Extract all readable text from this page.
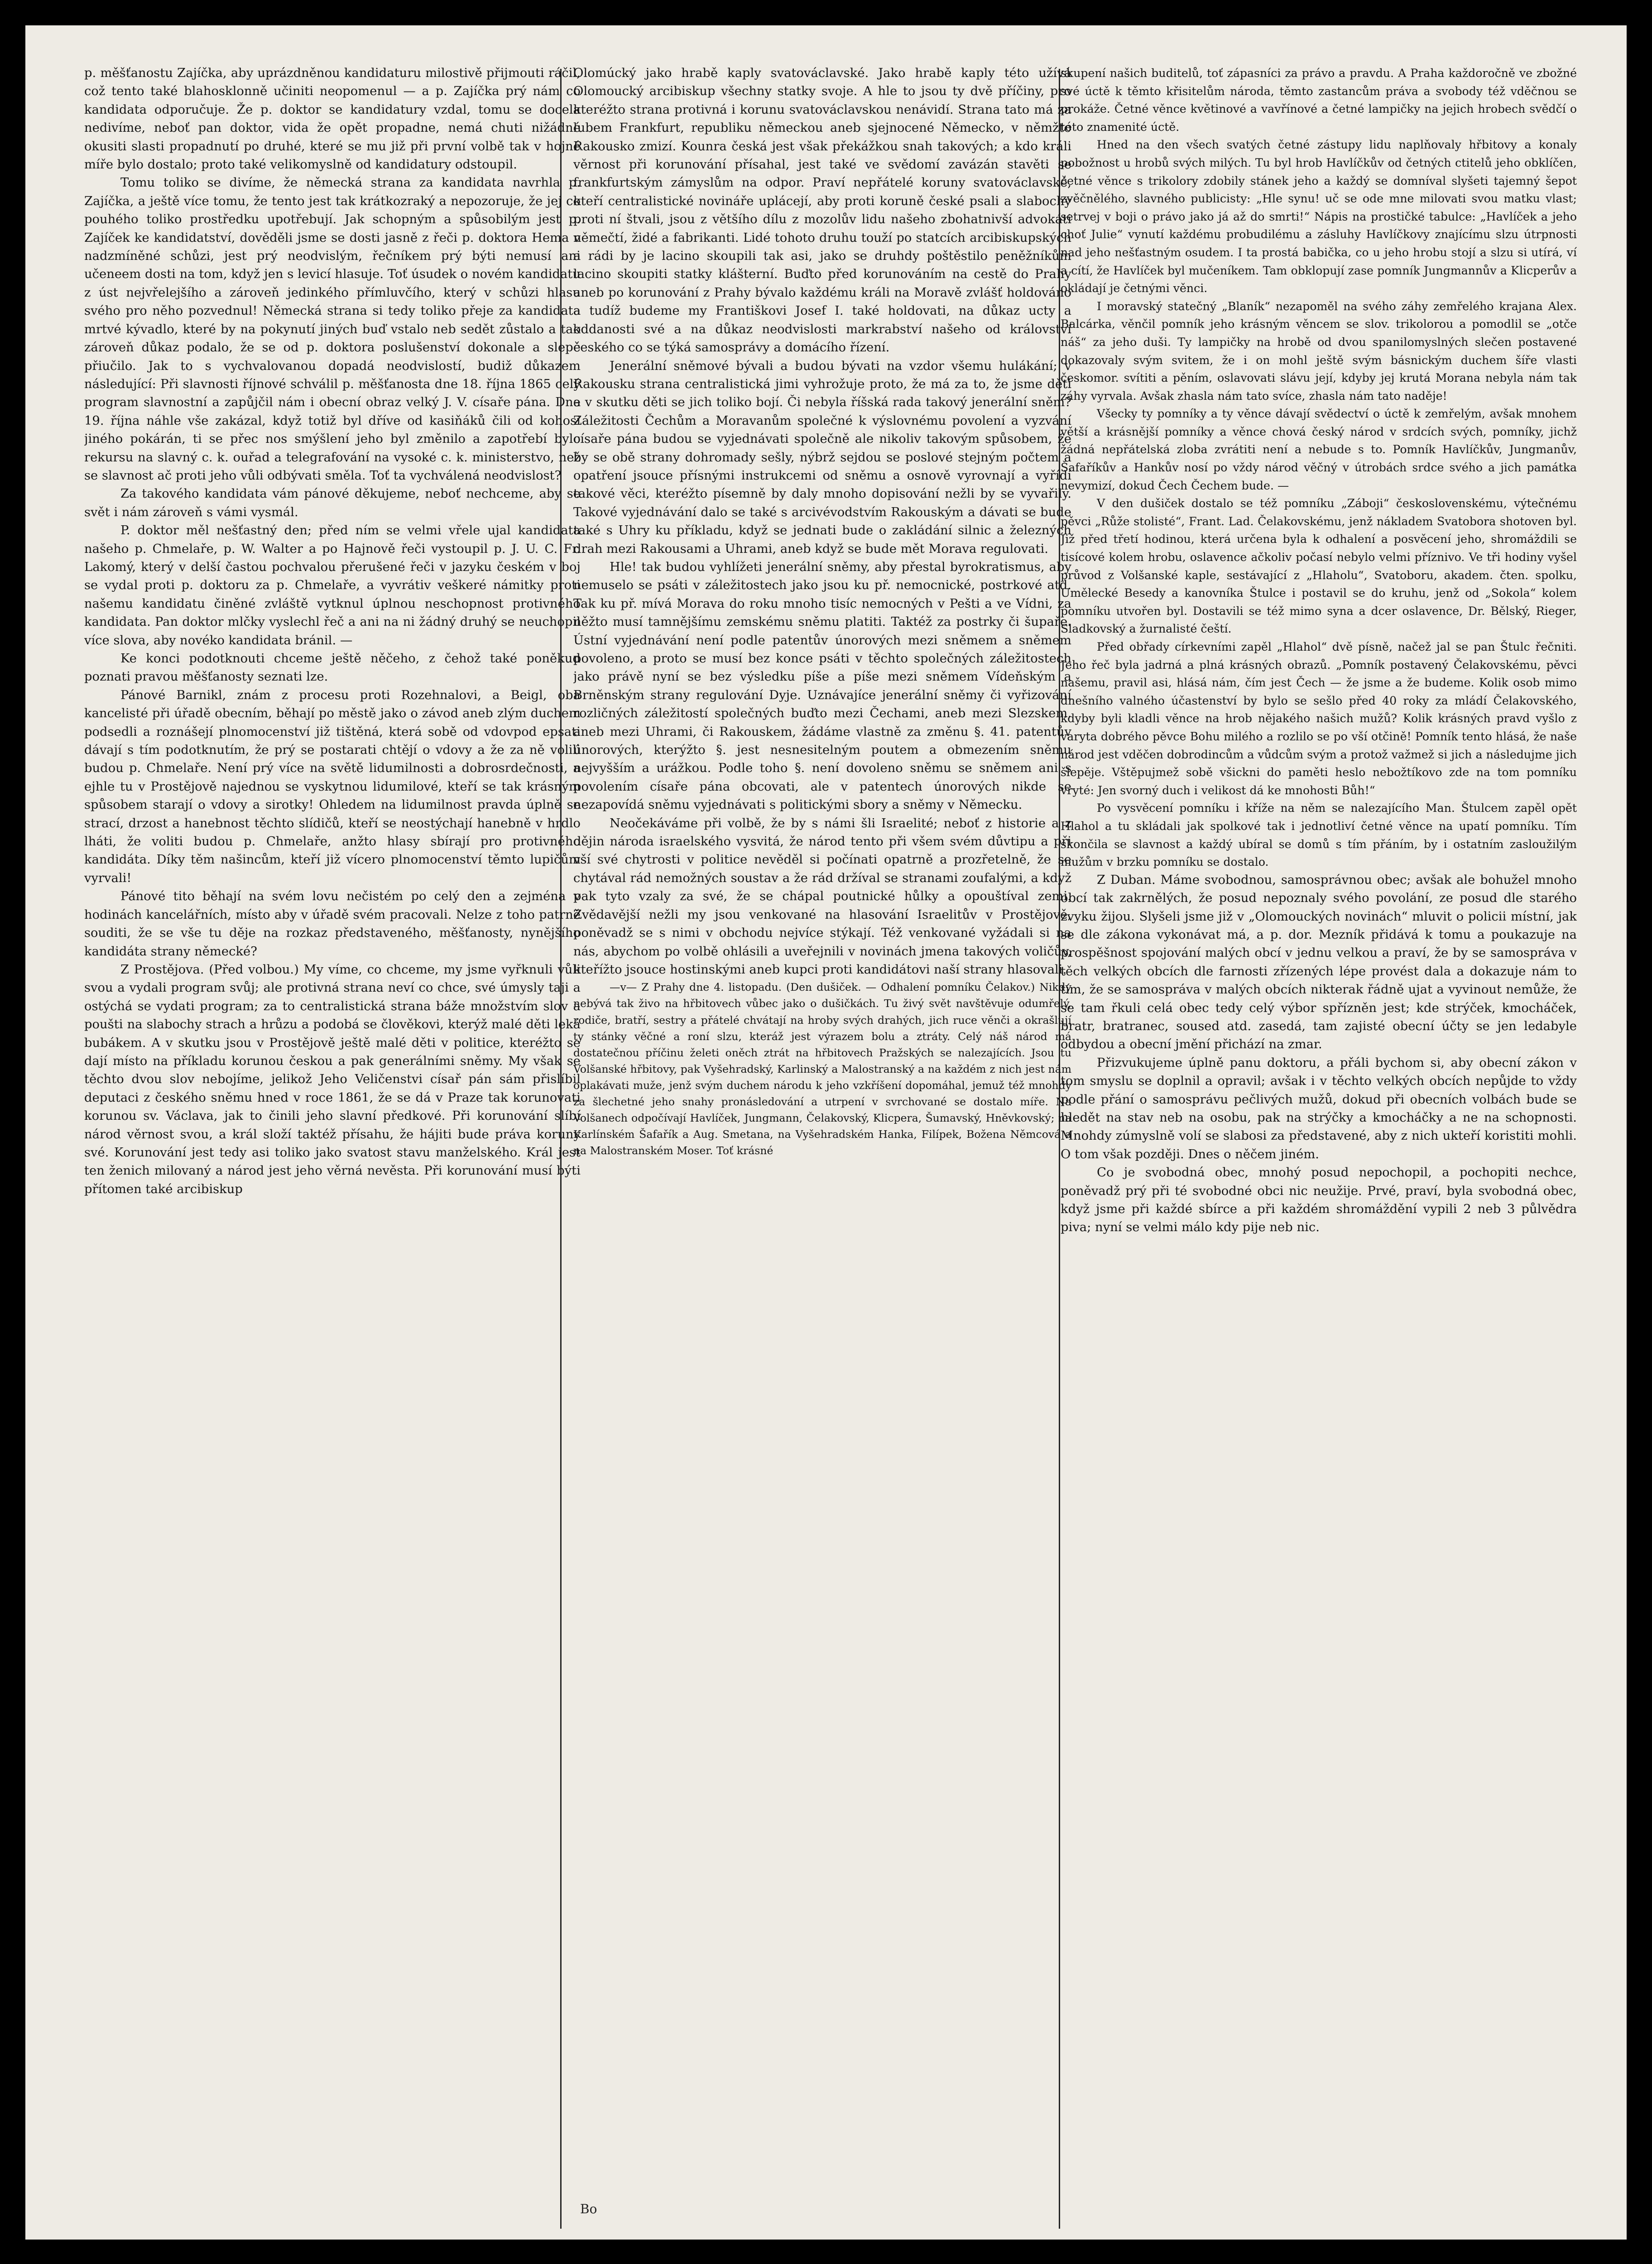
p. měšťanostu Zajíčka, aby uprázdněnou kandidaturu milostivě přijmouti ráčil, což tento také blahosklonně učiniti neopomenul — a p. Zajíčka prý nám co kandidata odporučuje. Že p. doktor se kandidatury vzdal, tomu se docela nedivíme, neboť pan doktor, vida že opět propadne, nemá chuti nižádné okusiti slasti propadnutí po druhé, které se mu již při první volbě tak v hojné míře bylo dostalo; proto také velikomyslně od kandidatury odstoupil.

Tomu toliko se divíme, že německá strana za kandidata navrhla p. Zajíčka, a ještě více tomu, že tento jest tak krátkozraký a nepozoruje, že jej co pouhého toliko prostředku upotřebují. Jak schopným a spůsobilým jest p. Zajíček ke kandidatství, dověděli jsme se dosti jasně z řeči p. doktora Hema v nadzmíněné schůzi, jest prý neodvislým, řečníkem prý býti nemusí ani učeneem dosti na tom, když jen s levicí hlasuje. Toť úsudek o novém kandidatu z úst nejvřelejšího a zároveň jedinkého přímluvčího, který v schůzi hlasu svého pro něho pozvednul! Německá strana si tedy toliko přeje za kandidata mrtvé kývadlo, které by na pokynutí jiných buď vstalo neb sedět zůstalo a tak zároveň důkaz podalo, že se od p. doktora poslušenství dokonale a slepě přiučilo. Jak to s vychvalovanou dopadá neodvislostí, budiž důkazem následující: Při slavnosti říjnové schválil p. měšťanosta dne 18. října 1865 celý program slavnostní a zapůjčil nám i obecní obraz velký J. V. císaře pána. Dne 19. října náhle vše zakázal, když totiž byl dříve od kasiňáků čili od kohosi jiného pokárán, ti se přec nos smýšlení jeho byl změnilo a zapotřebí bylo rekursu na slavný c. k. ouřad a telegrafování na vysoké c. k. ministerstvo, než se slavnost ač proti jeho vůli odbývati směla. Toť ta vychválená neodvislost?

Za takového kandidata vám pánové děkujeme, neboť nechceme, aby se svět i nám zároveň s vámi vysmál.

P. doktor měl nešťastný den; před ním se velmi vřele ujal kandidata našeho p. Chmelaře, p. W. Walter a po Hajnově řeči vystoupil p. J. U. C. Fr. Lakomý, který v delší častou pochvalou přerušené řeči v jazyku českém v boj se vydal proti p. doktoru za p. Chmelaře, a vyvrátiv veškeré námitky proti našemu kandidatu činěné zvláště vytknul úplnou neschopnost protivného kandidata. Pan doktor mlčky vyslechl řeč a ani na ni žádný druhý se neuchopil více slova, aby novéko kandidata bránil. —

Ke konci podotknouti chceme ještě něčeho, z čehož také poněkud poznati pravou měšťanosty seznati lze.

Pánové Barnikl, znám z procesu proti Rozehnalovi, a Beigl, oba kancelisté při úřadě obecním, běhají po městě jako o závod aneb zlým duchem podsedli a roznášejí plnomocenství již tištěná, která sobě od vdovpod epsati dávají s tím podotknutím, že prý se postarati chtějí o vdovy a že za ně volili budou p. Chmelaře. Není prý více na světě lidumilnosti a dobrosrdečnosti, a ejhle tu v Prostějově najednou se vyskytnou lidumilové, kteří se tak krásným spůsobem starají o vdovy a sirotky! Ohledem na lidumilnost pravda úplně se strací, drzost a hanebnost těchto slídičů, kteří se neostýchají hanebně v hrdlo lháti, že voliti budou p. Chmelaře, anžto hlasy sbírají pro protivného kandidáta. Díky těm našincům, kteří již vícero plnomocenství těmto lupičům vyrvali!

Pánové tito běhají na svém lovu nečistém po celý den a zejména v hodinách kancelářních, místo aby v úřadě svém pracovali. Nelze z toho patrně souditi, že se vše tu děje na rozkaz představeného, měšťanosty, nynějšího kandidáta strany německé?

Z Prostějova. (Před volbou.) My víme, co chceme, my jsme vyřknuli vůli svou a vydali program svůj; ale protivná strana neví co chce, své úmysly taji a ostýchá se vydati program; za to centralistická strana báže množstvím slov a poušti na slabochy strach a hrůzu a podobá se člověkovi, kterýž malé děti leká bubákem. A v skutku jsou v Prostějově ještě malé děti v politice, kteréžto se dají místo na příkladu korunou českou a pak generálními sněmy. My však se těchto dvou slov nebojíme, jelikož Jeho Veličenstvi císař pán sám přislíbil deputaci z českého sněmu hned v roce 1861, že se dá v Praze tak korunovati korunou sv. Václava, jak to činili jeho slavní předkové. Při korunování slíbí národ věrnost svou, a král složí taktéž přísahu, že hájiti bude práva koruny své. Korunování jest tedy asi toliko jako svatost stavu manželského. Král jest ten ženich milovaný a národ jest jeho věrná nevěsta. Při korunování musí býti přítomen také arcibiskup

Olomúcký jako hrabě kaply svatováclavské. Jako hrabě kaply této užívá Olomoucký arcibiskup všechny statky svoje. A hle to jsou ty dvě příčiny, pro kteréžto strana protivná i korunu svatováclavskou nenávidí. Strana tato má za lubem Frankfurt, republiku německou aneb sjejnocené Německo, v němžto Rakousko zmizí. Kounra česká jest však překážkou snah takových; a kdo králi věrnost při korunování přísahal, jest také ve svědomí zavázán stavěti se frankfurtským zámyslům na odpor. Praví nepřátelé koruny svatováclavské, kteří centralistické novináře uplácejí, aby proti koruně české psali a slabochy proti ní štvali, jsou z většího dílu z mozolův lidu našeho zbohatnivší advokáti němečtí, židé a fabrikanti. Lidé tohoto druhu touží po statcích arcibiskupských a rádi by je lacino skoupili tak asi, jako se druhdy poštěstilo peněžníkům lacino skoupiti statky klášterní. Buďto před korunováním na cestě do Prahy aneb po korunování z Prahy bývalo každému králi na Moravě zvlášť holdováno a tudíž budeme my Františkovi Josef I. také holdovati, na důkaz ucty a oddanosti své a na důkaz neodvislosti markrabství našeho od království českého co se týká samosprávy a domácího řízení.

Jenerální sněmové bývali a budou bývati na vzdor všemu hulákání; v Rakousku strana centralistická jimi vyhrožuje proto, že má za to, že jsme děti a v skutku děti se jich toliko bojí. Či nebyla říšská rada takový jenerální sněm? Záležitosti Čechům a Moravanům společné k výslovnému povolení a vyzvání císaře pána budou se vyjednávati společně ale nikoliv takovým spůsobem, že by se obě strany dohromady sešly, nýbrž sejdou se poslové stejným počtem a opatření jsouce přísnými instrukcemi od sněmu a osnově vyrovnají a vyřídí takové věci, kteréžto písemně by daly mnoho dopisování nežli by se vyvařily. Takové vyjednávání dalo se také s arcivévodstvím Rakouským a dávati se bude také s Uhry ku příkladu, když se jednati bude o zakládání silnic a železných drah mezi Rakousami a Uhrami, aneb když se bude mět Morava regulovati.

Hle! tak budou vyhlížeti jenerální sněmy, aby přestal byrokratismus, aby nemuselo se psáti v záležitostech jako jsou ku př. nemocnické, postrkové atd. Tak ku př. mívá Morava do roku mnoho tisíc nemocných v Pešti a ve Vídni, za něžto musí tamnějšímu zemskému sněmu platiti. Taktéž za postrky či šupaře. Ústní vyjednávání není podle patentův únorových mezi sněmem a sněmem povoleno, a proto se musí bez konce psáti v těchto společných záležitostech jako právě nyní se bez výsledku píše a píše mezi sněmem Vídeňským a Brněnským strany regulování Dyje. Uznávajíce jenerální sněmy či vyřizování rozličných záležitostí společných buďto mezi Čechami, aneb mezi Slezskem, aneb mezi Uhrami, či Rakouskem, žádáme vlastně za změnu §. 41. patentův únorových, kterýžto §. jest nesnesitelným poutem a obmezením sněmu nejvyšším a urážkou. Podle toho §. není dovoleno sněmu se sněmem ani s povolením císaře pána obcovati, ale v patentech únorových nikde se nezapovídá sněmu vyjednávati s politickými sbory a sněmy v Německu.

Neočekáváme při volbě, že by s námi šli Israelité; neboť z historie a z dějin národa israelského vysvitá, že národ tento při všem svém důvtipu a při vší své chytrosti v politice nevěděl si počínati opatrně a prozřetelně, že se chytával rád nemožných soustav a že rád držíval se stranami zoufalými, a když pak tyto vzaly za své, že se chápal poutnické hůlky a opouštíval zemi. Zvědavější nežli my jsou venkované na hlasování Israelitův v Prostějově, poněvadž se s nimi v obchodu nejvíce stýkají. Též venkované vyžádali si na nás, abychom po volbě ohlásili a uveřejnili v novinách jmena takových voličův, kteřížto jsouce hostinskými aneb kupci proti kandidátovi naší strany hlasovali.

—v— Z Prahy dne 4. listopadu. (Den dušiček. — Odhalení pomníku Čelakov.) Nikdy nebývá tak živo na hřbitovech vůbec jako o dušičkách. Tu živý svět navštěvuje odumřelý, rodiče, bratří, sestry a přátelé chvátají na hroby svých drahých, jich ruce věnči a okrašlují ty stánky věčné a roní slzu, kteráž jest výrazem bolu a ztráty. Celý náš národ má dostatečnou příčinu želeti oněch ztrát na hřbitovech Pražských se nalezajících. Jsou tu Volšanské hřbitovy, pak Vyšehradský, Karlinský a Malostranský a na každém z nich jest nám oplakávati muže, jenž svým duchem národu k jeho vzkříšení dopomáhal, jemuž též mnohdy za šlechetné jeho snahy pronásledování a utrpení v svrchované se dostalo míře. Na Volšanech odpočívají Havlíček, Jungmann, Čelakovský, Klicpera, Šumavský, Hněvkovský; na Karlínském Šafařík a Aug. Smetana, na Vyšehradském Hanka, Filípek, Božena Němcová a na Malostranském Moser. Toť krásné

skupení našich buditelů, toť zápasníci za právo a pravdu. A Praha každoročně ve zbožné své úctě k těmto křisitelům národa, těmto zastancům práva a svobody též vděčnou se prokáže. Četné věnce květinové a vavřínové a četné lampičky na jejich hrobech svědčí o této znamenité úctě.

Hned na den všech svatých četné zástupy lidu naplňovaly hřbitovy a konaly pobožnost u hrobů svých milých. Tu byl hrob Havlíčkův od četných ctitelů jeho obklíčen, četné věnce s trikolory zdobily stánek jeho a každý se domníval slyšeti tajemný šepot zvěčnělého, slavného publicisty: „Hle synu! uč se ode mne milovati svou matku vlast; setrvej v boji o právo jako já až do smrti!“ Nápis na prostičké tabulce: „Havlíček a jeho choť Julie“ vynutí každému probudilému a zásluhy Havlíčkovy znajícímu slzu útrpnosti nad jeho nešťastným osudem. I ta prostá babička, co u jeho hrobu stojí a slzu si utírá, ví a cítí, že Havlíček byl mučeníkem. Tam obklopují zase pomník Jungmannův a Klicperův a okládají je četnými věnci.

I moravský statečný „Blaník“ nezapoměl na svého záhy zemřelého krajana Alex. Balcárka, věnčil pomník jeho krásným věncem se slov. trikolorou a pomodlil se „otče náš“ za jeho duši. Ty lampičky na hrobě od dvou spanilomyslných slečen postavené dokazovaly svým svitem, že i on mohl ještě svým básnickým duchem šíře vlasti českomor. svítiti a pěním, oslavovati slávu její, kdyby jej krutá Morana nebyla nám tak záhy vyrvala. Avšak zhasla nám tato svíce, zhasla nám tato naděje!

Všecky ty pomníky a ty věnce dávají svědectví o úctě k zemřelým, avšak mnohem větší a krásnější pomníky a věnce chová český národ v srdcích svých, pomníky, jichž žádná nepřátelská zloba zvrátiti není a nebude s to. Pomník Havlíčkův, Jungmanův, Šafaříkův a Hankův nosí po vždy národ věčný v útrobách srdce svého a jich památka nevymizí, dokud Čech Čechem bude. —

V den dušiček dostalo se též pomníku „Záboji“ československému, výtečnému pěvci „Růže stolisté“, Frant. Lad. Čelakovskému, jenž nákladem Svatobora shotoven byl. Již před třetí hodinou, která určena byla k odhalení a posvěcení jeho, shromáždili se tisícové kolem hrobu, oslavence ačkoliv počasí nebylo velmi příznivo. Ve tři hodiny vyšel průvod z Volšanské kaple, sestávající z „Hlaholu“, Svatoboru, akadem. čten. spolku, Umělecké Besedy a kanovníka Štulce i postavil se do kruhu, jenž od „Sokola“ kolem pomníku utvořen byl. Dostavili se též mimo syna a dcer oslavence, Dr. Bělský, Rieger, Sladkovský a žurnalisté čeští.

Před obřady církevními zapěl „Hlahol“ dvě písně, načež jal se pan Štulc řečniti. Jeho řeč byla jadrná a plná krásných obrazů. „Pomník postavený Čelakovskému, pěvci našemu, pravil asi, hlásá nám, čím jest Čech — že jsme a že budeme. Kolik osob mimo dnešního valného účastenství by bylo se sešlo před 40 roky za mládí Čelakovského, kdyby byli kladli věnce na hrob nějakého našich mužů? Kolik krásných pravd vyšlo z varyta dobrého pěvce Bohu milého a rozlilo se po vší otčině! Pomník tento hlásá, že naše národ jest vděčen dobrodincům a vůdcům svým a protož važmež si jich a následujme jich šlepěje. Vštěpujmež sobě všickni do paměti heslo nebožtíkovo zde na tom pomníku vryté: Jen svorný duch i velikost dá ke mnohosti Bůh!“

Po vysvěcení pomníku i kříže na něm se nalezajícího Man. Štulcem zapěl opět Hlahol a tu skládali jak spolkové tak i jednotliví četné věnce na upatí pomníku. Tím skončila se slavnost a každý ubíral se domů s tím přáním, by i ostatním zasloužilým mužům v brzku pomníku se dostalo.

Z Duban. Máme svobodnou, samosprávnou obec; avšak ale bohužel mnoho obcí tak zakrnělých, že posud nepoznaly svého povolání, ze posud dle starého zvyku žijou. Slyšeli jsme již v „Olomouckých novinách“ mluvit o policii místní, jak se dle zákona vykonávat má, a p. dor. Mezník přidává k tomu a poukazuje na prospěšnost spojování malých obcí v jednu velkou a praví, že by se samospráva v těch velkých obcích dle farnosti zřízených lépe provést dala a dokazuje nám to tím, že se samospráva v malých obcích nikterak řádně ujat a vyvinout nemůže, že se tam řkuli celá obec tedy celý výbor spřízněn jest; kde strýček, kmocháček, bratr, bratranec, soused atd. zasedá, tam zajisté obecní účty se jen ledabyle odbydou a obecní jmění přichází na zmar.

Přizvukujeme úplně panu doktoru, a přáli bychom si, aby obecní zákon v tom smyslu se doplnil a opravil; avšak i v těchto velkých obcích nepůjde to vždy podle přání o samosprávu pečlivých mužů, dokud při obecních volbách bude se hledět na stav neb na osobu, pak na strýčky a kmocháčky a ne na schopnosti. Mnohdy zúmyslně volí se slabosi za představené, aby z nich ukteří koristiti mohli. O tom však později. Dnes o něčem jiném.

Co je svobodná obec, mnohý posud nepochopil, a pochopiti nechce, poněvadž prý při té svobodné obci nic neužije. Prvé, praví, byla svobodná obec, když jsme při každé sbírce a při každém shromáždění vypili 2 neb 3 půlvědra piva; nyní se velmi málo kdy pije neb nic.

Bo
